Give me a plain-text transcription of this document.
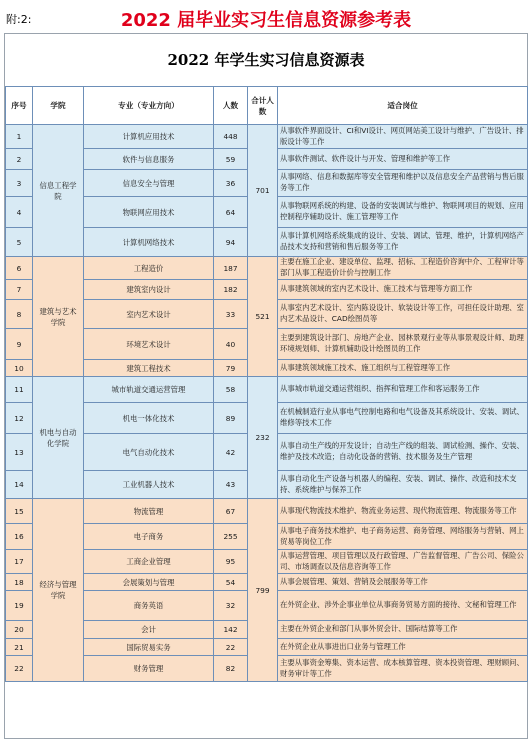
附:2:	2022 届毕业实习生信息资源参考表
2022 年学生实习信息资源表
序号	学院	专业（专业方向）	人数	合计人数	适合岗位
1	信息工程学院	计算机应用技术	448	701	从事软件界面设计、CI和VI设计、网页网站美工设计与维护、广告设计、排版设计等工作
2		软件与信息服务	59		从事软件测试、软件设计与开发、管理和维护等工作
3		信息安全与管理	36		从事网络、信息和数据库等安全管理和维护以及信息安全产品营销与售后服务等工作
4		物联网应用技术	64		从事物联网系统的构建、设备的安装调试与维护、物联网项目的规划、应用控制程序辅助设计、施工管理等工作
5		计算机网络技术	94		从事计算机网络系统集成的设计、安装、调试、管理、维护，计算机网络产品技术支持和营销和售后服务等工作
6	建筑与艺术学院	工程造价	187	521	主要在施工企业、建设单位、监理、招标、工程造价咨询中介、工程审计等部门从事工程造价计价与控制工作
7		建筑室内设计	182		从事建筑领域的室内艺术设计、施工技术与管理等方面工作
8		室内艺术设计	33		从事室内艺术设计、室内陈设设计、软装设计等工作，可担任设计助理、室内艺术品设计、CAD绘图员等
9		环境艺术设计	40		主要到建筑设计部门、房地产企业、园林景观行业等从事景观设计师、助理环境规划师、计算机辅助设计绘图员的工作
10		建筑工程技术	79		从事建筑领域施工技术、施工组织与工程管理等工作
11	机电与自动化学院	城市轨道交通运营管理	58	232	从事城市轨道交通运营组织、指挥和管理工作和客运服务工作
12		机电一体化技术	89		在机械制造行业从事电气控制电路和电气设备及其系统设计、安装、调试、维修等技术工作
13		电气自动化技术	42		从事自动生产线的开发设计；自动生产线的组装、调试检测、操作、安装、维护及技术改造；自动化设备的营销、技术服务及生产管理
14		工业机器人技术	43		从事自动化生产设备与机器人的编程、安装、调试、操作、改造和技术支持、系统维护与保养工作
15	经济与管理学院	物流管理	67	799	从事现代物流技术维护、物流业务运营、现代物流管理、物流服务等工作
16		电子商务	255		从事电子商务技术维护、电子商务运营、商务管理、网络服务与营销、网上贸易等岗位工作
17		工商企业管理	95		从事运营管理、项目管理以及行政管理、广告监督管理、广告公司、保险公司、市场调查以及信息咨询等工作
18		会展策划与管理	54		从事会展管理、策划、营销及会展服务等工作
19		商务英语	32		在外贸企业、涉外企事业单位从事商务贸易方面的接待、文秘和管理工作
20		会计	142		主要在外贸企业和部门从事外贸会计、国际结算等工作
21		国际贸易实务	22		在外贸企业从事进出口业务与管理工作
22		财务管理	82		主要从事资金筹集、资本运营、成本核算管理、资本投资管理、理财顾问、财务审计等工作
